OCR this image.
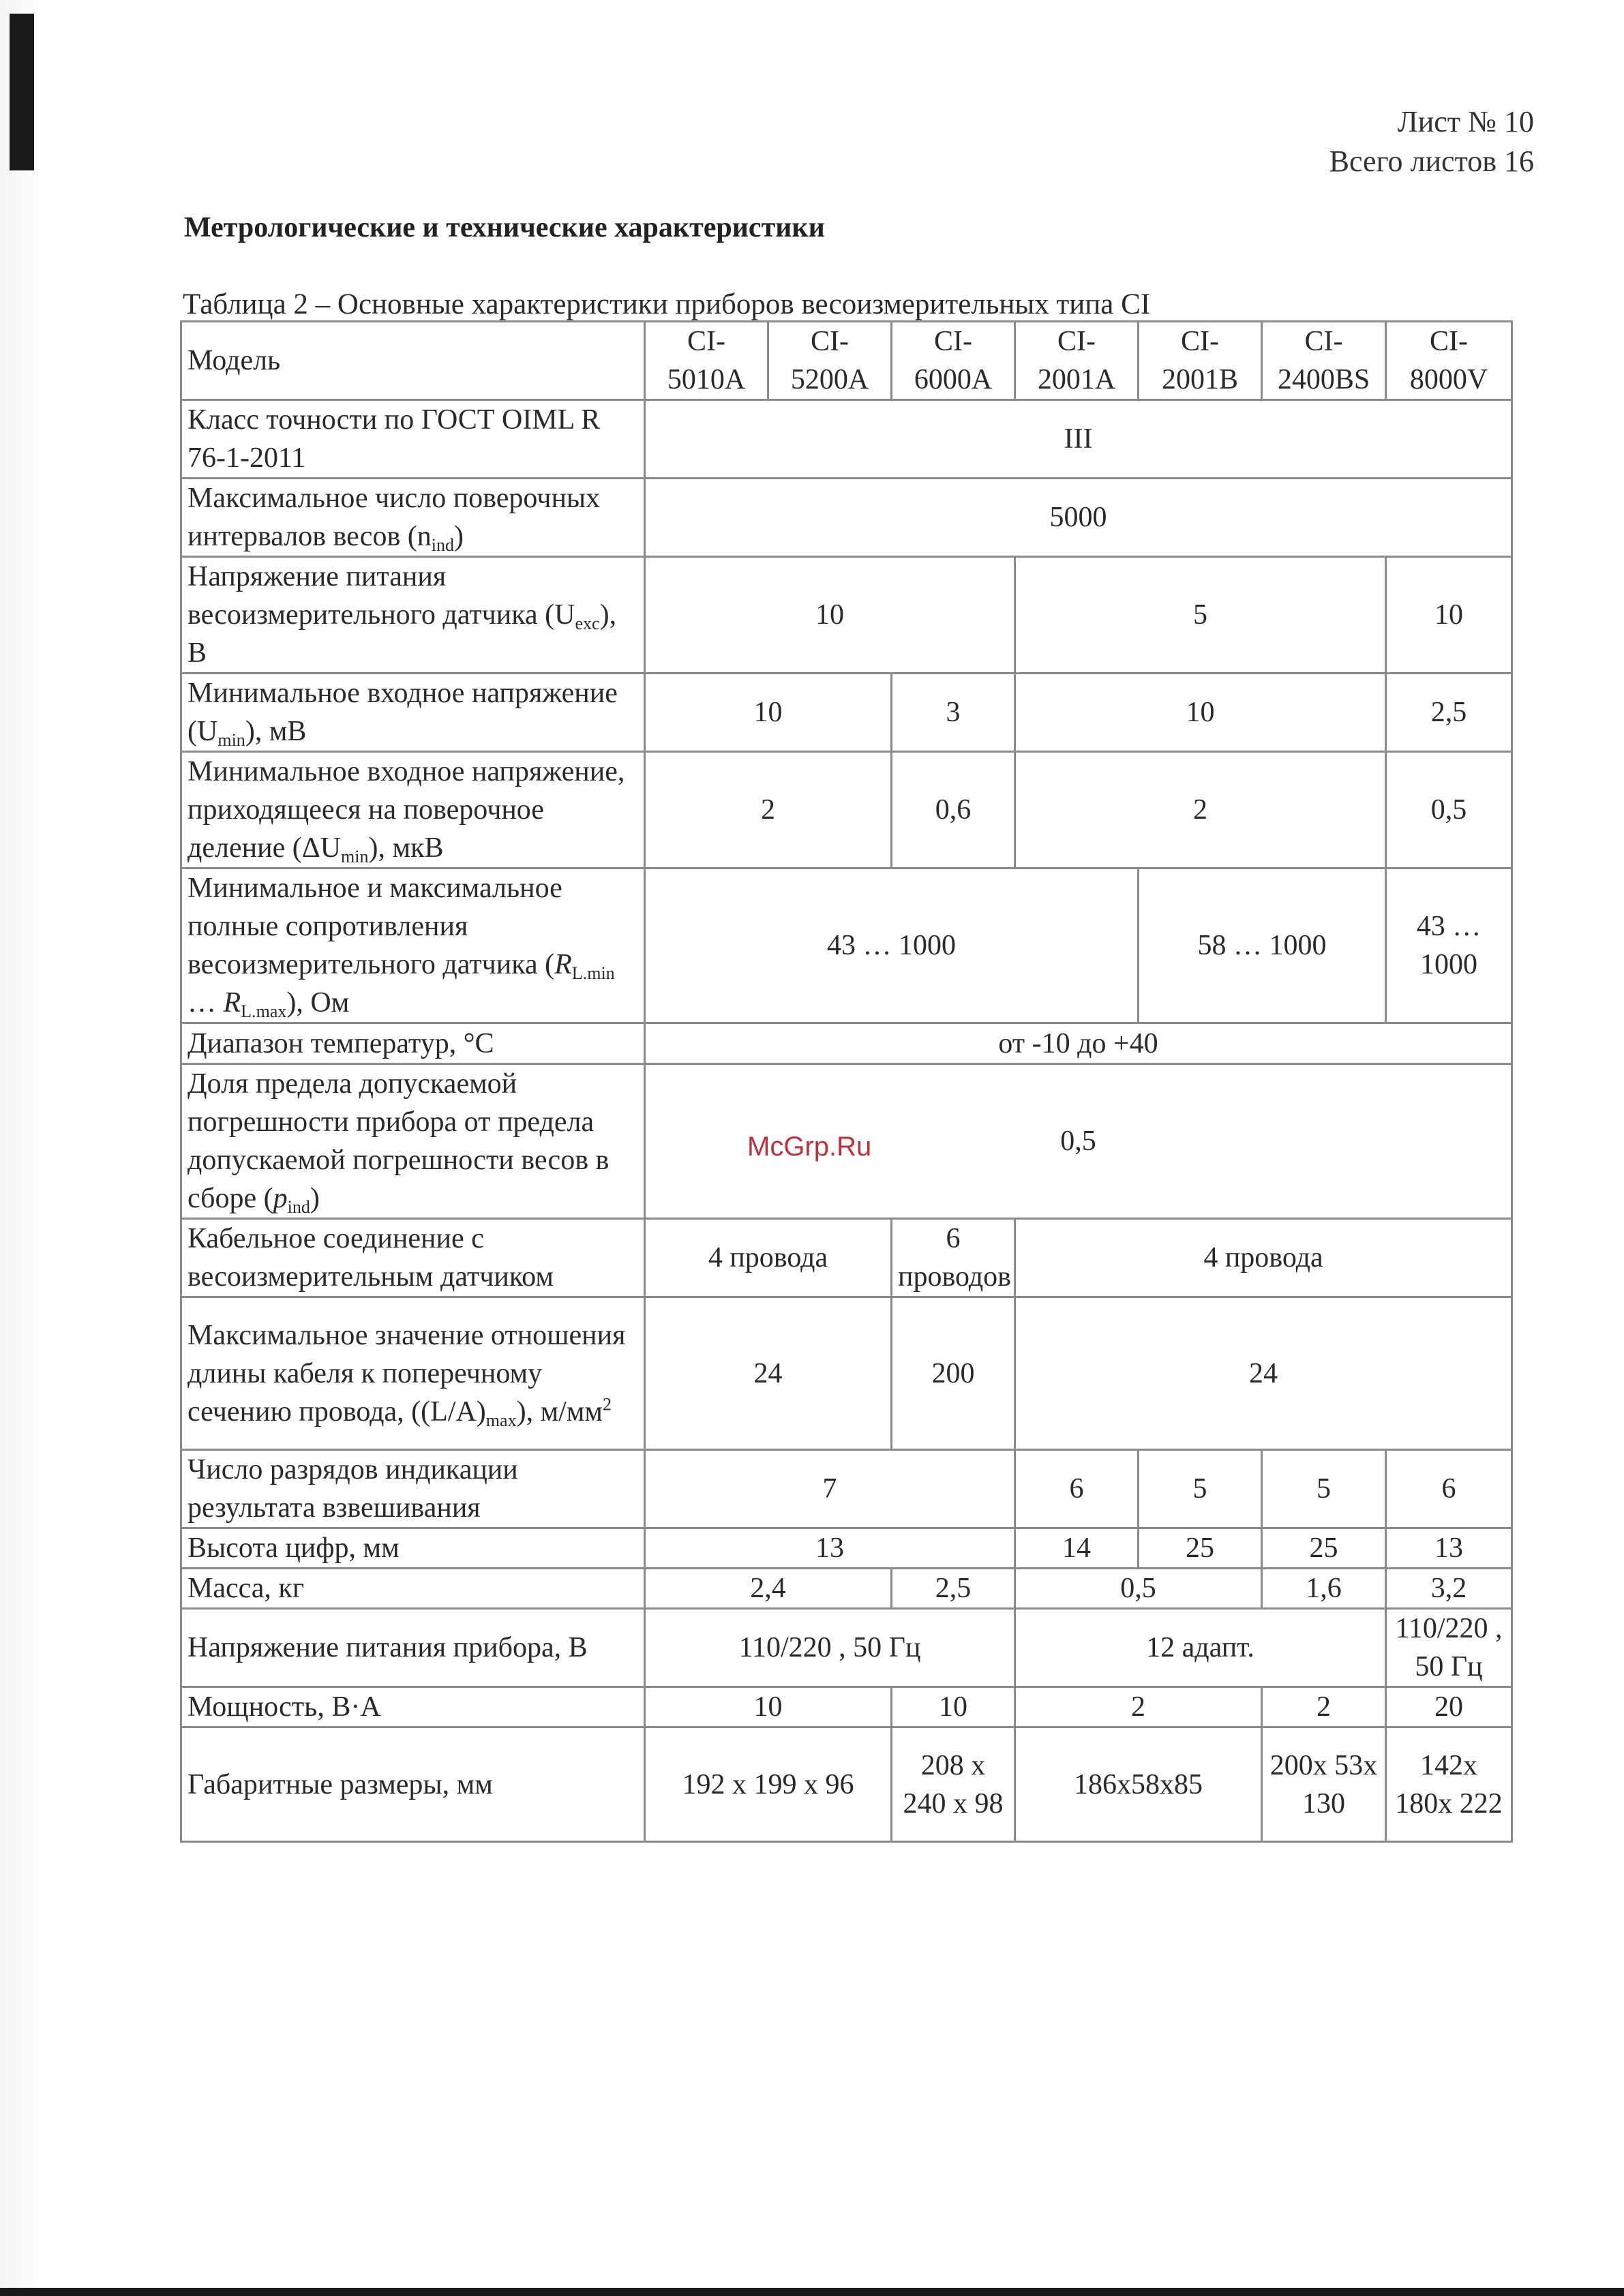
Лист № 10
Всего листов 16
Метрологические и технические характеристики
Таблица 2 – Основные характеристики приборов весоизмерительных типа CI
Модель	CI-5010A	CI-5200A	CI-6000A	CI-2001A	CI-2001B	CI-2400BS	CI-8000V
Класс точности по ГОСТ OIML R 76-1-2011	III						
Максимальное число поверочных интервалов весов $(n_{ind})$	5000						
Напряжение питания весоизмерительного датчика $(U_{exc})$, В	10			5			10
Минимальное входное напряжение $(U_{min})$, мВ	10		3	10			2,5
Минимальное входное напряжение, приходящееся на поверочное деление $(\Delta U_{min})$, мкВ	2		0,6	2			0,5
Минимальное и максимальное полные сопротивления весоизмерительного датчика ($R_{L.min}$ … $R_{L.max}$), Ом	43 … 1000				58 … 1000		43 … 1000
Диапазон температур, °С	от -10 до +40						
Доля предела допускаемой погрешности прибора от предела допускаемой погрешности весов в сборе $(p_{ind})$	0,5						
Кабельное соединение с весоизмерительным датчиком	4 провода		6 проводов	4 провода			
Максимальное значение отношения длины кабеля к поперечному сечению провода, $((L/A)_{max})$, $м/мм^2$	24		200	24			
Число разрядов индикации результата взвешивания	7			6	5	5	6
Высота цифр, мм	13			14	25	25	13
Масса, кг	2,4		2,5	0,5		1,6	3,2
Напряжение питания прибора, В	110/220 , 50 Гц			12 адапт.			110/220 , 50 Гц
Мощность, В·А	10		10	2		2	20
Габаритные размеры, мм	192 х 199 х 96		208 х 240 х 98	186x58x85		200x 53x 130	142x 180x 222
McGrp.Ru
